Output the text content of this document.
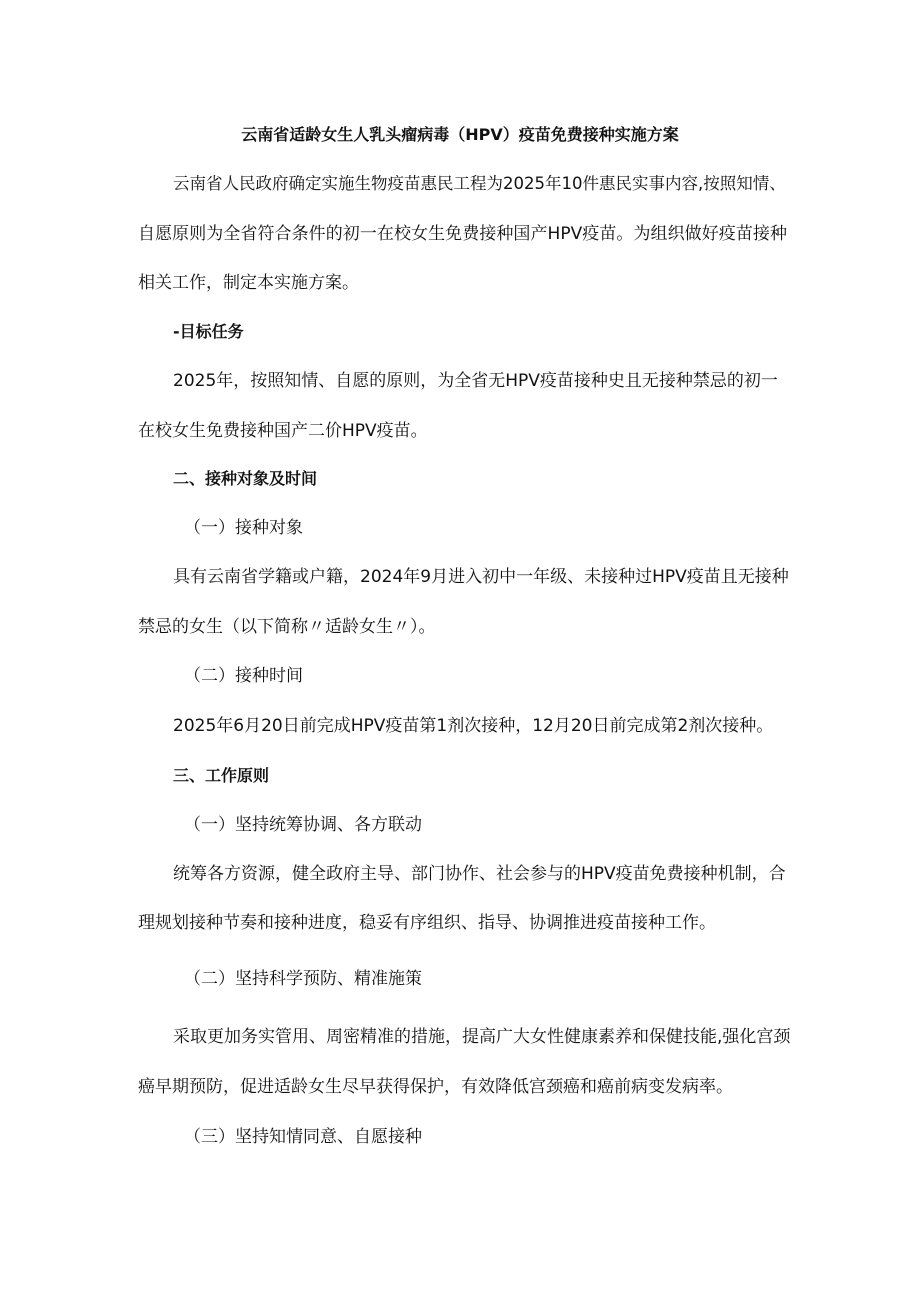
云南省适龄女生人乳头瘤病毒（HPV）疫苗免费接种实施方案
云南省人民政府确定实施生物疫苗惠民工程为2025年10件惠民实事内容,按照知情、
自愿原则为全省符合条件的初一在校女生免费接种国产HPV疫苗。为组织做好疫苗接种
相关工作，制定本实施方案。
-目标任务
2025年，按照知情、自愿的原则，为全省无HPV疫苗接种史且无接种禁忌的初一
在校女生免费接种国产二价HPV疫苗。
二、接种对象及时间
（一）接种对象
具有云南省学籍或户籍，2024年9月进入初中一年级、未接种过HPV疫苗且无接种
禁忌的女生（以下简称〃适龄女生〃）。
（二）接种时间
2025年6月20日前完成HPV疫苗第1剂次接种，12月20日前完成第2剂次接种。
三、工作原则
（一）坚持统筹协调、各方联动
统筹各方资源，健全政府主导、部门协作、社会参与的HPV疫苗免费接种机制，合
理规划接种节奏和接种进度，稳妥有序组织、指导、协调推进疫苗接种工作。
（二）坚持科学预防、精准施策
采取更加务实管用、周密精准的措施，提高广大女性健康素养和保健技能,强化宫颈
癌早期预防，促进适龄女生尽早获得保护，有效降低宫颈癌和癌前病变发病率。
（三）坚持知情同意、自愿接种
